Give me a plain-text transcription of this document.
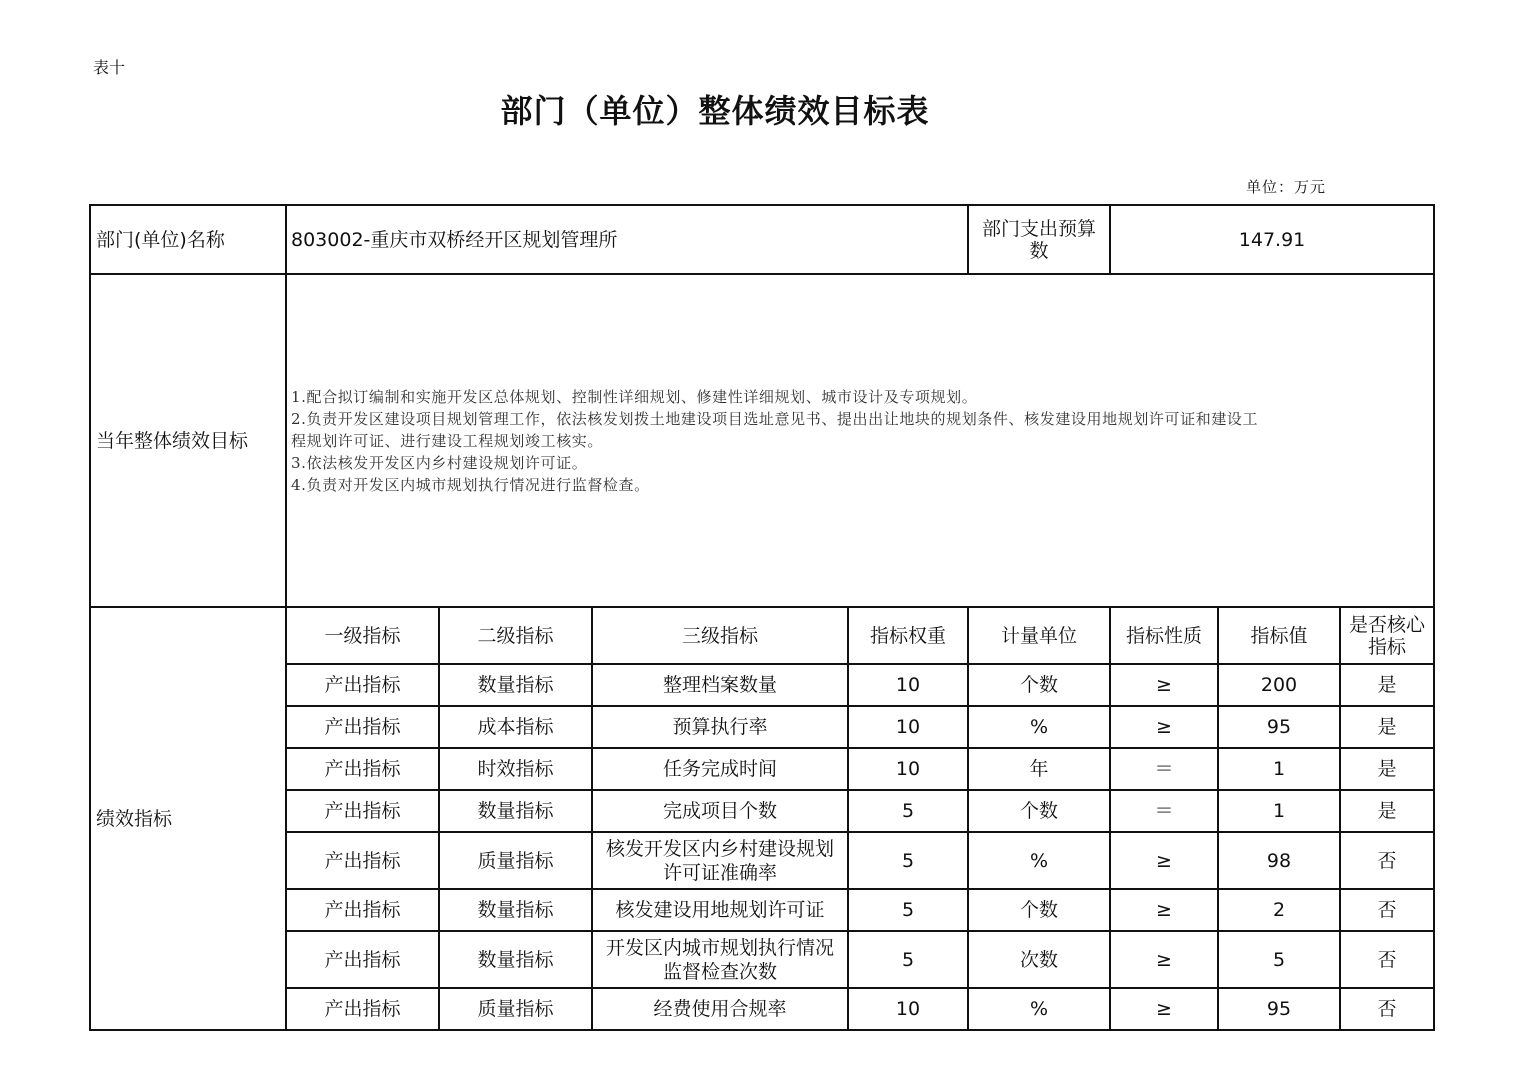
表十
部门（单位）整体绩效目标表
单位：万元
部门(单位)名称	803002-重庆市双桥经开区规划管理所				部门支出预算数	147.91		
当年整体绩效目标	1.配合拟订编制和实施开发区总体规划、控制性详细规划、修建性详细规划、城市设计及专项规划。
2.负责开发区建设项目规划管理工作，依法核发划拨土地建设项目选址意见书、提出出让地块的规划条件、核发建设用地规划许可证和建设工
程规划许可证、进行建设工程规划竣工核实。
3.依法核发开发区内乡村建设规划许可证。
4.负责对开发区内城市规划执行情况进行监督检查。							

绩效指标	一级指标	二级指标	三级指标	指标权重	计量单位	指标性质	指标值	是否核心指标
	产出指标	数量指标	整理档案数量	10	个数	≥	200	是
	产出指标	成本指标	预算执行率	10	%	≥	95	是
	产出指标	时效指标	任务完成时间	10	年	＝	1	是
	产出指标	数量指标	完成项目个数	5	个数	＝	1	是
	产出指标	质量指标	核发开发区内乡村建设规划许可证准确率	5	%	≥	98	否
	产出指标	数量指标	核发建设用地规划许可证	5	个数	≥	2	否
	产出指标	数量指标	开发区内城市规划执行情况监督检查次数	5	次数	≥	5	否
	产出指标	质量指标	经费使用合规率	10	%	≥	95	否
